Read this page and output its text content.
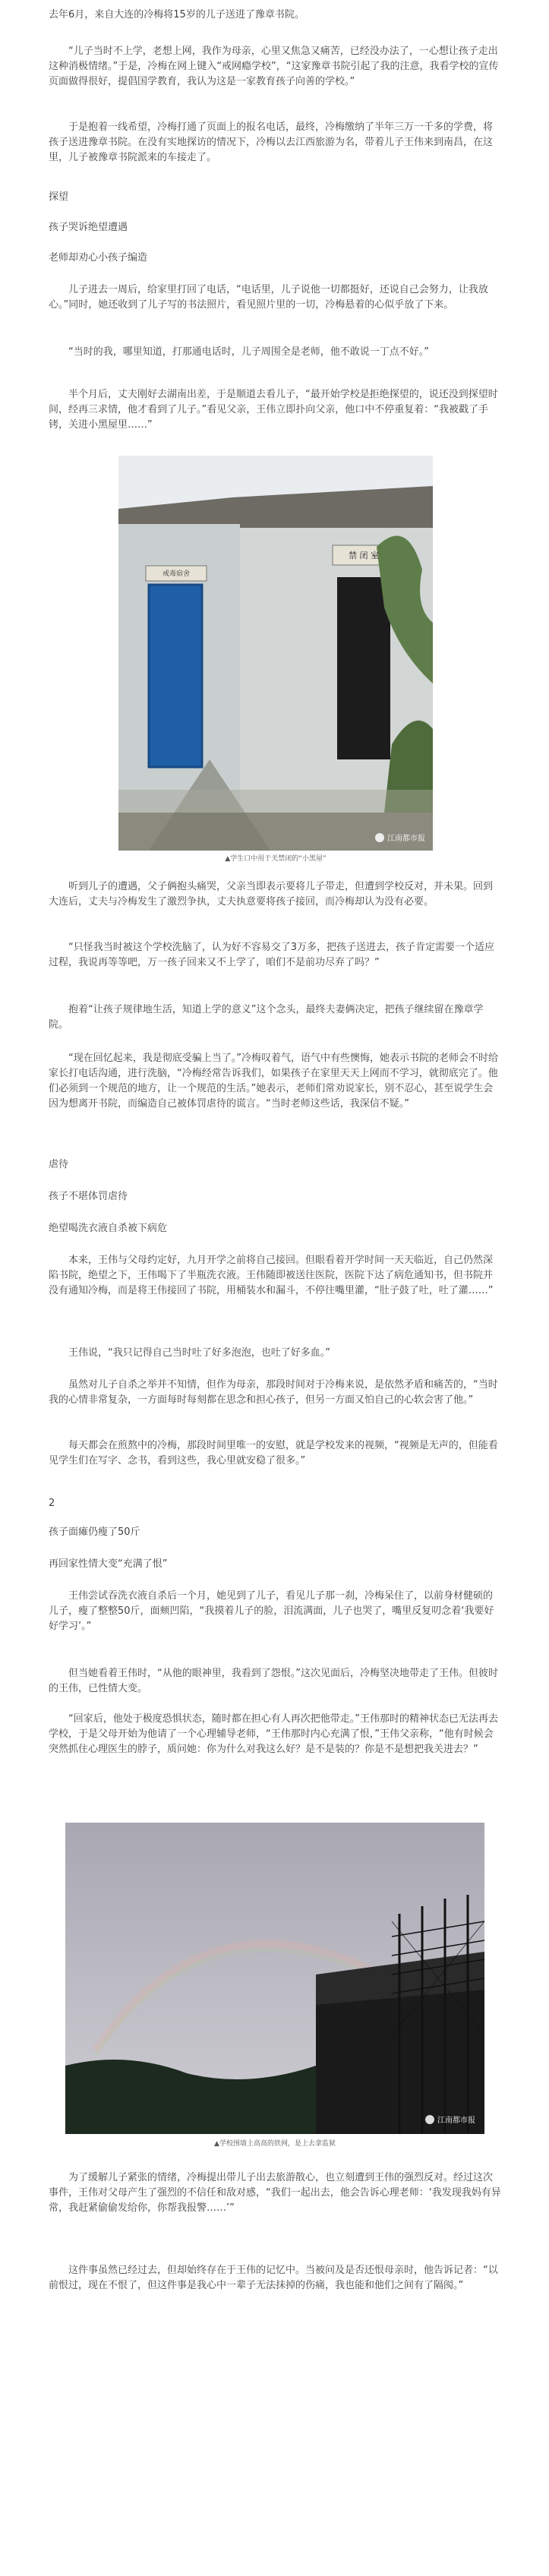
去年6月，来自大连的冷梅将15岁的儿子送进了豫章书院。

“儿子当时不上学，老想上网，我作为母亲，心里又焦急又痛苦，已经没办法了，一心想让孩子走出这种消极情绪。”于是，冷梅在网上键入“戒网瘾学校”，“这家豫章书院引起了我的注意，我看学校的宣传页面做得很好，提倡国学教育，我认为这是一家教育孩子向善的学校。”

于是抱着一线希望，冷梅打通了页面上的报名电话，最终，冷梅缴纳了半年三万一千多的学费，将孩子送进豫章书院。在没有实地探访的情况下，冷梅以去江西旅游为名，带着儿子王伟来到南昌，在这里，儿子被豫章书院派来的车接走了。

探望

孩子哭诉绝望遭遇

老师却劝心小孩子编造

儿子进去一周后，给家里打回了电话，“电话里，儿子说他一切都挺好，还说自己会努力，让我放心。”同时，她还收到了儿子写的书法照片，看见照片里的一切，冷梅悬着的心似乎放了下来。

“当时的我，哪里知道，打那通电话时，儿子周围全是老师，他不敢说一丁点不好。”

半个月后，丈夫刚好去湖南出差，于是顺道去看儿子，“最开始学校是拒绝探望的，说还没到探望时间，经再三求情，他才看到了儿子。”看见父亲，王伟立即扑向父亲，他口中不停重复着：“我被戳了手铐，关进小黑屋里……”

戒毒宿舍
禁 闭 室
江南都市报
▲学生口中用于关禁闭的“小黑屋”

听到儿子的遭遇，父子俩抱头痛哭，父亲当即表示要将儿子带走，但遭到学校反对，并未果。回到大连后，丈夫与冷梅发生了激烈争执，丈夫执意要将孩子接回，而冷梅却认为没有必要。

“只怪我当时被这个学校洗脑了，认为好不容易交了3万多，把孩子送进去，孩子肯定需要一个适应过程，我说再等等吧，万一孩子回来又不上学了，咱们不是前功尽弃了吗？”

抱着“让孩子规律地生活，知道上学的意义”这个念头，最终夫妻俩决定，把孩子继续留在豫章学院。

“现在回忆起来，我是彻底受骗上当了。”冷梅叹着气，语气中有些懊悔，她表示书院的老师会不时给家长打电话沟通，进行洗脑，“冷梅经常告诉我们，如果孩子在家里天天上网而不学习，就彻底完了。他们必须到一个规范的地方，让一个规范的生活。”她表示，老师们常劝说家长，别不忍心，甚至说学生会因为想离开书院，而编造自己被体罚虐待的谎言。“当时老师这些话，我深信不疑。”

虐待

孩子不堪体罚虐待

绝望喝洗衣液自杀被下病危

本来，王伟与父母约定好，九月开学之前将自己接回。但眼看着开学时间一天天临近，自己仍然深陷书院，绝望之下，王伟喝下了半瓶洗衣液。王伟随即被送往医院，医院下达了病危通知书，但书院并没有通知冷梅，而是将王伟接回了书院，用桶装水和漏斗，不停往嘴里灌，“肚子鼓了吐，吐了灌……”

王伟说，“我只记得自己当时吐了好多泡泡，也吐了好多血。”

虽然对儿子自杀之举并不知情，但作为母亲，那段时间对于冷梅来说，是依然矛盾和痛苦的，“当时我的心情非常复杂，一方面每时每刻都在思念和担心孩子，但另一方面又怕自己的心软会害了他。”

每天都会在煎熬中的冷梅，那段时间里唯一的安慰，就是学校发来的视频，“视频是无声的，但能看见学生们在写字、念书，看到这些，我心里就安稳了很多。”

2

孩子面瘫仍瘦了50斤

再回家性情大变“充满了恨”

王伟尝试吞洗衣液自杀后一个月，她见到了儿子，看见儿子那一刹，冷梅呆住了，以前身材健硕的儿子，瘦了整整50斤，面颊凹陷，“我摸着儿子的脸，泪流满面，儿子也哭了，嘴里反复叨念着‘我要好好学习’。”

但当她看着王伟时，“从他的眼神里，我看到了怨恨。”这次见面后，冷梅坚决地带走了王伟。但彼时的王伟，已性情大变。

“回家后，他处于极度恐惧状态，随时都在担心有人再次把他带走。”王伟那时的精神状态已无法再去学校，于是父母开始为他请了一个心理辅导老师，“王伟那时内心充满了恨，”王伟父亲称，“他有时候会突然抓住心理医生的脖子，质问她：你为什么对我这么好？是不是装的？你是不是想把我关进去？”

江南都市报
▲学校围墙上高高的铁网，是上去拿监狱

为了缓解儿子紧张的情绪，冷梅提出带儿子出去旅游散心，也立刻遭到王伟的强烈反对。经过这次事件，王伟对父母产生了强烈的不信任和敌对感，“我们一起出去，他会告诉心理老师：‘我发现我妈有异常，我赶紧偷偷发给你，你帮我报警……’”

这件事虽然已经过去，但却始终存在于王伟的记忆中。当被问及是否还恨母亲时，他告诉记者：“以前恨过，现在不恨了，但这件事是我心中一辈子无法抹掉的伤痛，我也能和他们之间有了隔阂。”
